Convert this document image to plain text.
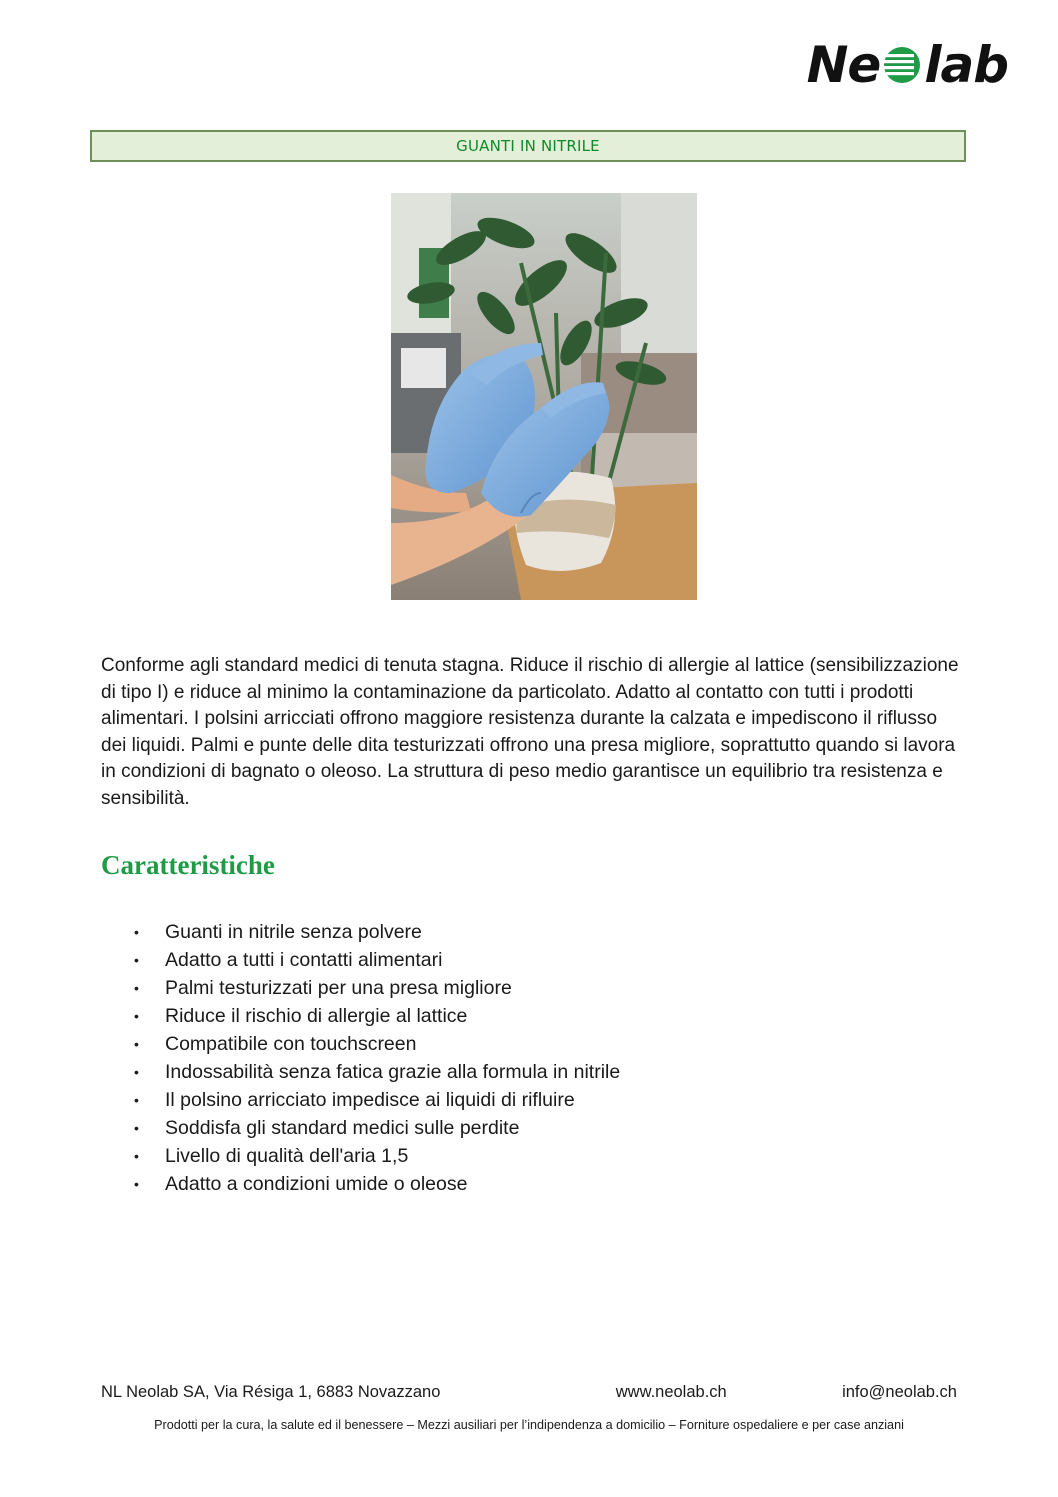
Ne lab
GUANTI IN NITRILE

Conforme agli standard medici di tenuta stagna. Riduce il rischio di allergie al lattice (sensibilizzazione di tipo I) e riduce al minimo la contaminazione da particolato. Adatto al contatto con tutti i prodotti alimentari. I polsini arricciati offrono maggiore resistenza durante la calzata e impediscono il riflusso dei liquidi. Palmi e punte delle dita testurizzati offrono una presa migliore, soprattutto quando si lavora in condizioni di bagnato o oleoso. La struttura di peso medio garantisce un equilibrio tra resistenza e sensibilità.

Caratteristiche
•	Guanti in nitrile senza polvere
•	Adatto a tutti i contatti alimentari
•	Palmi testurizzati per una presa migliore
•	Riduce il rischio di allergie al lattice
•	Compatibile con touchscreen
•	Indossabilità senza fatica grazie alla formula in nitrile
•	Il polsino arricciato impedisce ai liquidi di rifluire
•	Soddisfa gli standard medici sulle perdite
•	Livello di qualità dell'aria 1,5
•	Adatto a condizioni umide o oleose
NL Neolab SA, Via Résiga 1, 6883 Novazzano	www.neolab.ch	info@neolab.ch
Prodotti per la cura, la salute ed il benessere – Mezzi ausiliari per l’indipendenza a domicilio – Forniture ospedaliere e per case anziani
